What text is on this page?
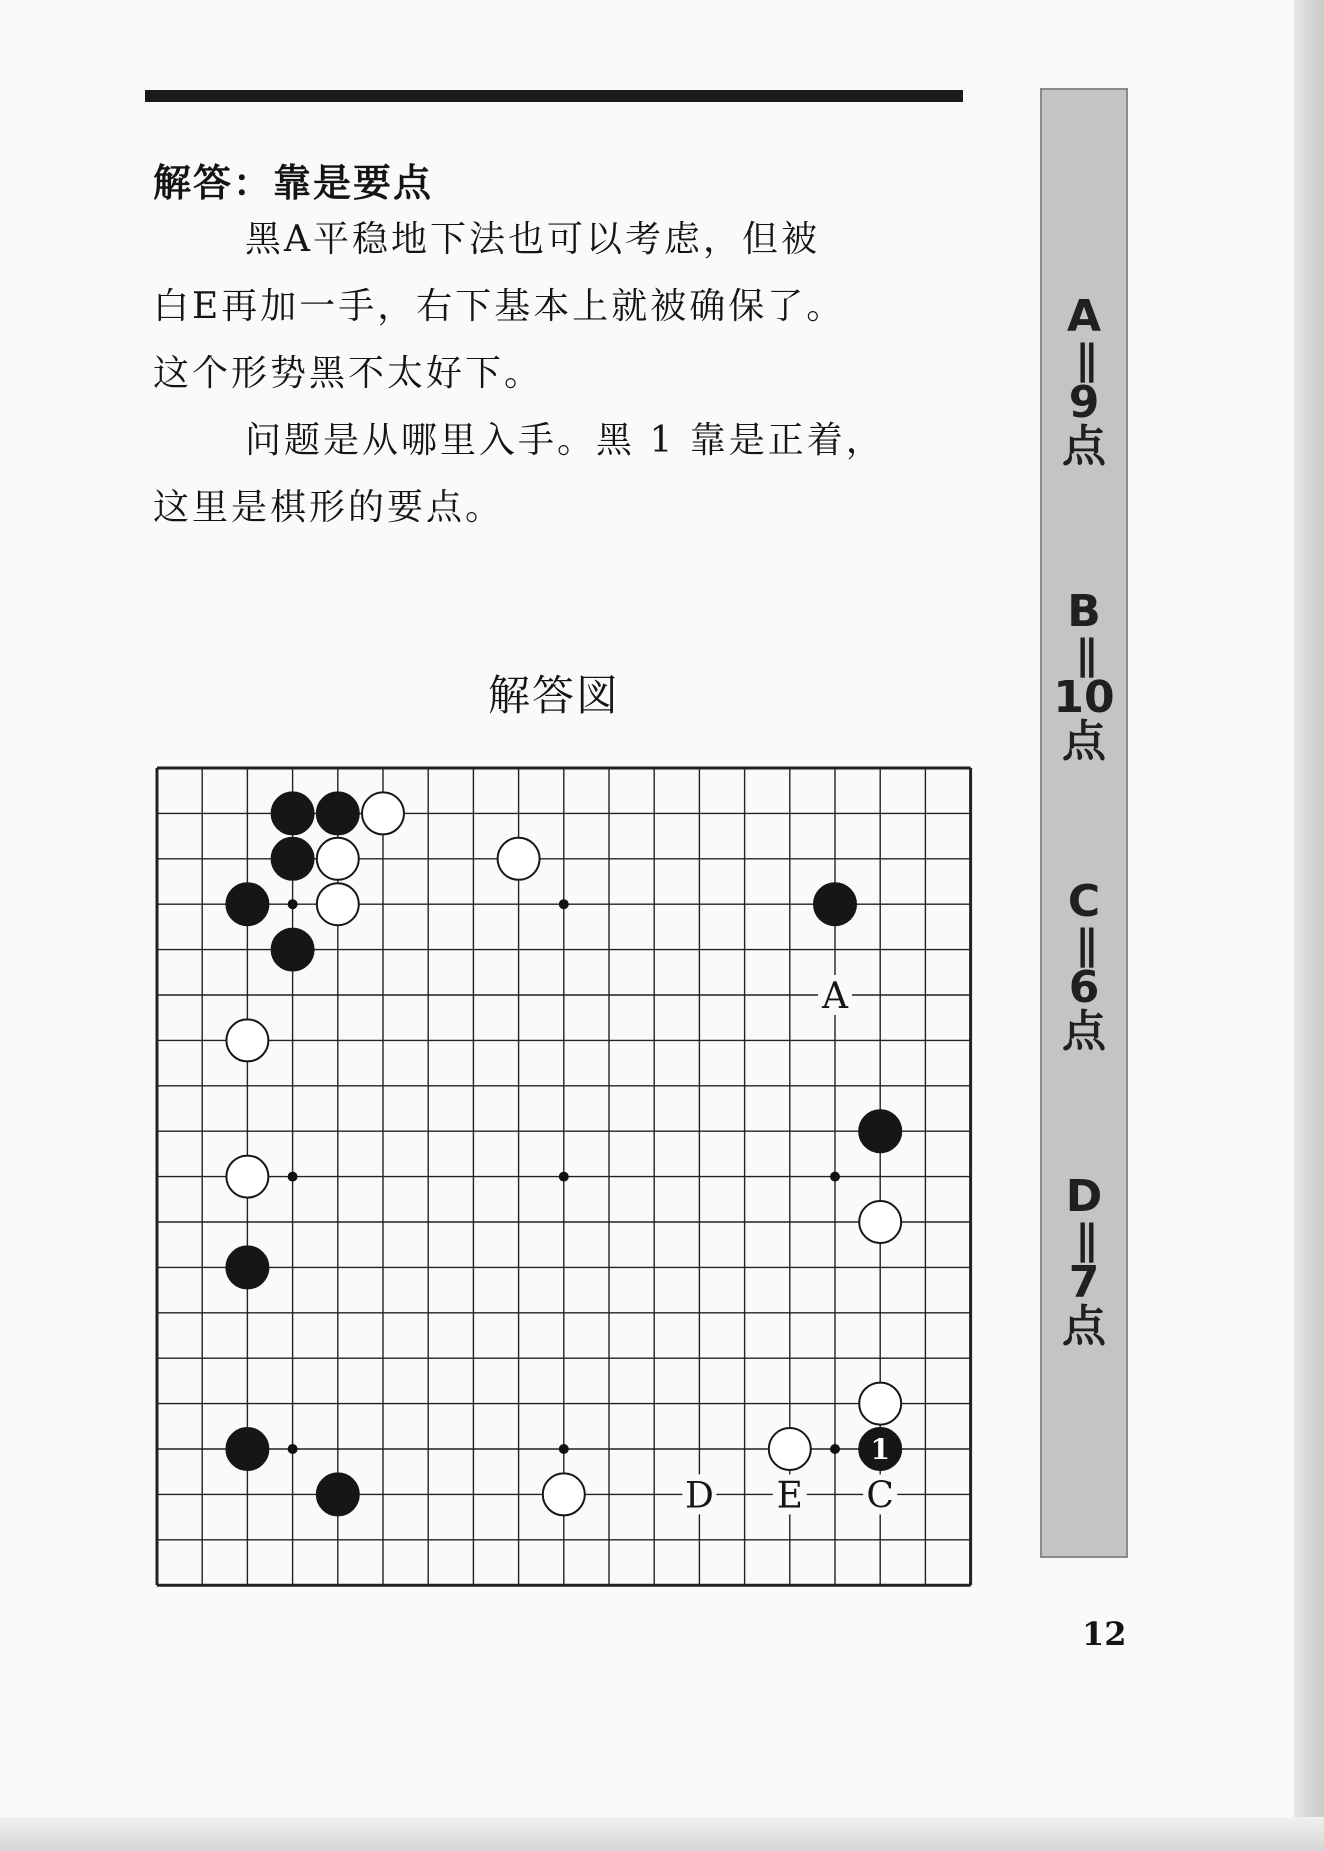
解答：靠是要点

黑A平稳地下法也可以考虑，但被

白E再加一手，右下基本上就被确保了。

这个形势黑不太好下。

问题是从哪里入手。黑 1 靠是正着，

这里是棋形的要点。

解答図
1
A
D E C
A
||
9
点
B
||
10
点
C
||
6
点
D
||
7
点
12
